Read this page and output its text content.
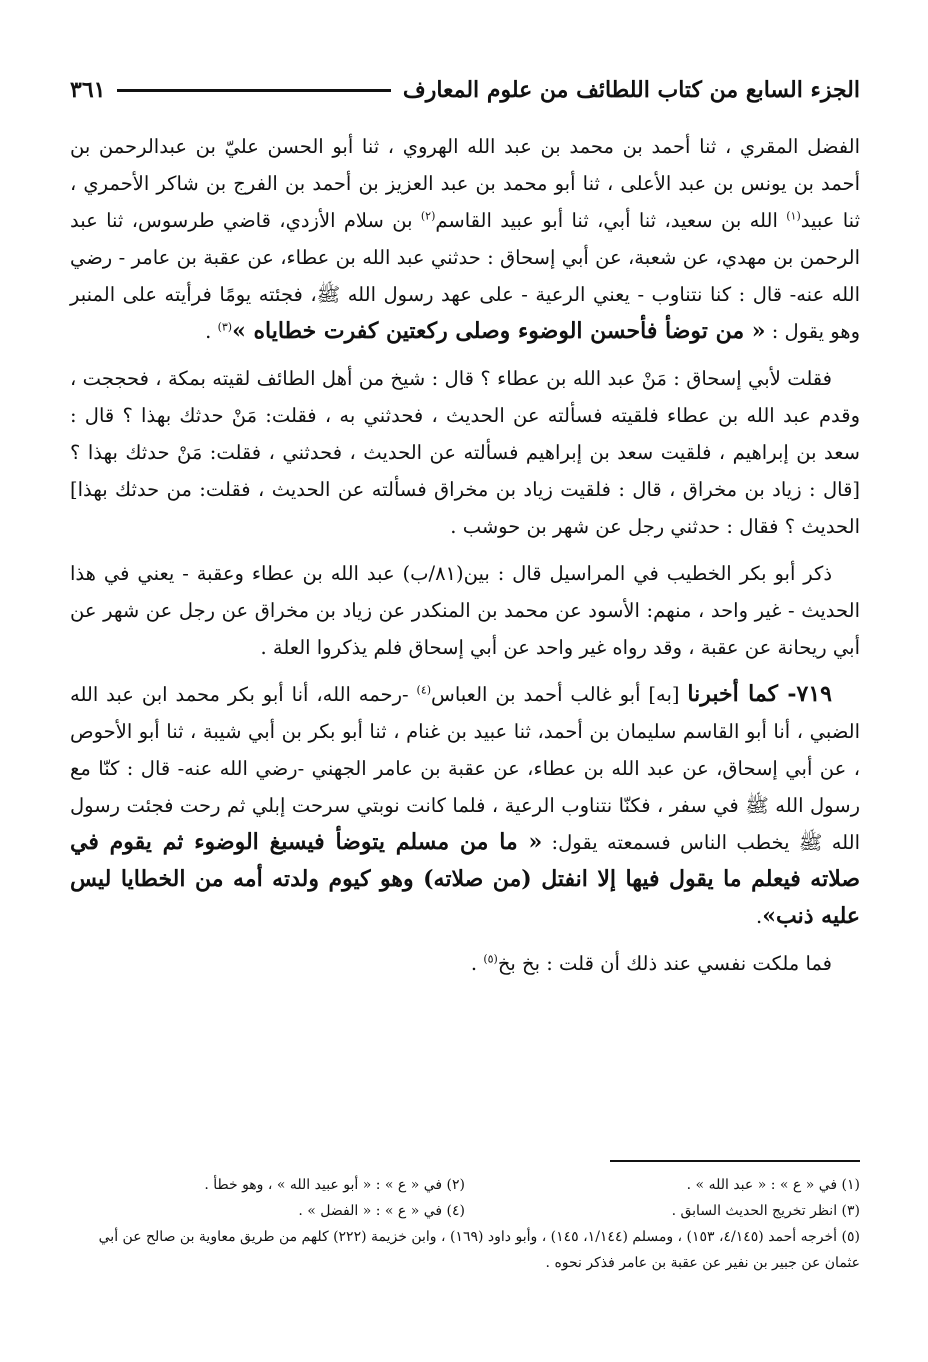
الجزء السابع من كتاب اللطائف من علوم المعارف
٣٦١

الفضل المقري ، ثنا أحمد بن محمد بن عبد الله الهروي ، ثنا أبو الحسن عليّ بن عبدالرحمن بن أحمد بن يونس بن عبد الأعلى ، ثنا أبو محمد بن عبد العزيز بن أحمد بن الفرج بن شاكر الأحمري ، ثنا عبيد$^{(١)}$ الله بن سعيد، ثنا أبي، ثنا أبو عبيد القاسم$^{(٢)}$ بن سلام الأزدي، قاضي طرسوس، ثنا عبد الرحمن بن مهدي، عن شعبة، عن أبي إسحاق : حدثني عبد الله بن عطاء، عن عقبة بن عامر - رضي الله عنه- قال : كنا نتناوب - يعني الرعية - على عهد رسول الله ﷺ، فجئته يومًا فرأيته على المنبر وهو يقول : « من توضأ فأحسن الوضوء وصلى ركعتين كفرت خطاياه »$^{(٣)}$ .

فقلت لأبي إسحاق : مَنْ عبد الله بن عطاء ؟ قال : شيخ من أهل الطائف لقيته بمكة ، فحججت ، وقدم عبد الله بن عطاء فلقيته فسألته عن الحديث ، فحدثني به ، فقلت: مَنْ حدثك بهذا ؟ قال : سعد بن إبراهيم ، فلقيت سعد بن إبراهيم فسألته عن الحديث ، فحدثني ، فقلت: مَنْ حدثك بهذا ؟ [قال : زياد بن مخراق ، قال : فلقيت زياد بن مخراق فسألته عن الحديث ، فقلت: من حدثك بهذا] الحديث ؟ فقال : حدثني رجل عن شهر بن حوشب .

ذكر أبو بكر الخطيب في المراسيل قال : بين(٨١/ب) عبد الله بن عطاء وعقبة - يعني في هذا الحديث - غير واحد ، منهم: الأسود عن محمد بن المنكدر عن زياد بن مخراق عن رجل عن شهر عن أبي ريحانة عن عقبة ، وقد رواه غير واحد عن أبي إسحاق فلم يذكروا العلة .

٧١٩- كما أخبرنا [به] أبو غالب أحمد بن العباس$^{(٤)}$ -رحمه الله، أنا أبو بكر محمد ابن عبد الله الضبي ، أنا أبو القاسم سليمان بن أحمد، ثنا عبيد بن غنام ، ثنا أبو بكر بن أبي شيبة ، ثنا أبو الأحوص ، عن أبي إسحاق، عن عبد الله بن عطاء، عن عقبة بن عامر الجهني -رضي الله عنه- قال : كنّا مع رسول الله ﷺ في سفر ، فكنّا نتناوب الرعية ، فلما كانت نوبتي سرحت إبلي ثم رحت فجئت رسول الله ﷺ يخطب الناس فسمعته يقول: « ما من مسلم يتوضأ فيسبغ الوضوء ثم يقوم في صلاته فيعلم ما يقول فيها إلا انفتل (من صلاته) وهو كيوم ولدته أمه من الخطايا ليس عليه ذنب».

فما ملكت نفسي عند ذلك أن قلت : بخ بخ$^{(٥)}$ .

(١) في « ع » : « عبد الله » .
(٢) في « ع » : « أبو عبيد الله » ، وهو خطأ .
(٣) انظر تخريج الحديث السابق .
(٤) في « ع » : « الفضل » .
(٥) أخرجه أحمد (٤/١٤٥، ١٥٣) ، ومسلم (١/١٤٤، ١٤٥) ، وأبو داود (١٦٩) ، وابن خزيمة (٢٢٢) كلهم من طريق معاوية بن صالح عن أبي عثمان عن جبير بن نفير عن عقبة بن عامر فذكر نحوه .
